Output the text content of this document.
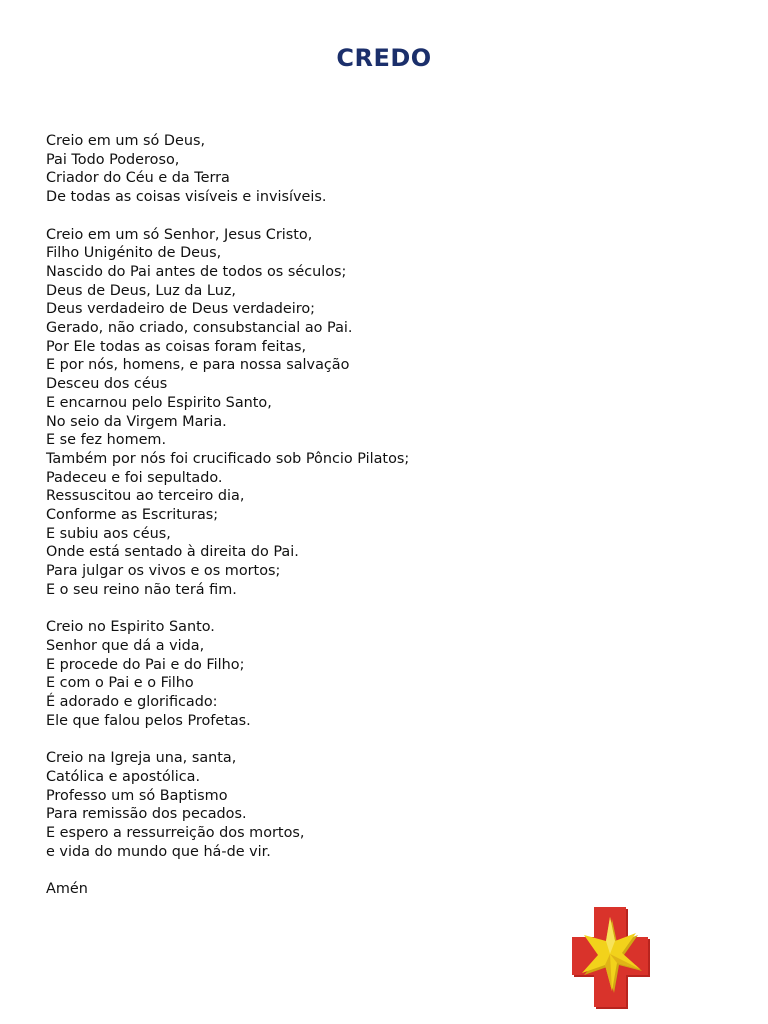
CREDO
Creio em um só Deus,
Pai Todo Poderoso,
Criador do Céu e da Terra
De todas as coisas visíveis e invisíveis.
Creio em um só Senhor, Jesus Cristo,
Filho Unigénito de Deus,
Nascido do Pai antes de todos os séculos;
Deus de Deus, Luz da Luz,
Deus verdadeiro de Deus verdadeiro;
Gerado, não criado, consubstancial ao Pai.
Por Ele todas as coisas foram feitas,
E por nós, homens, e para nossa salvação
Desceu dos céus
E encarnou pelo Espirito Santo,
No seio da Virgem Maria.
E se fez homem.
Também por nós foi crucificado sob Pôncio Pilatos;
Padeceu e foi sepultado.
Ressuscitou ao terceiro dia,
Conforme as Escrituras;
E subiu aos céus,
Onde está sentado à direita do Pai.
Para julgar os vivos e os mortos;
E o seu reino não terá fim.
Creio no Espirito Santo.
Senhor que dá a vida,
E procede do Pai e do Filho;
E com o Pai e o Filho
É adorado e glorificado:
Ele que falou pelos Profetas.
Creio na Igreja una, santa,
Católica e apostólica.
Professo um só Baptismo
Para remissão dos pecados.
E espero a ressurreição dos mortos,
e vida do mundo que há-de vir.
Amén
